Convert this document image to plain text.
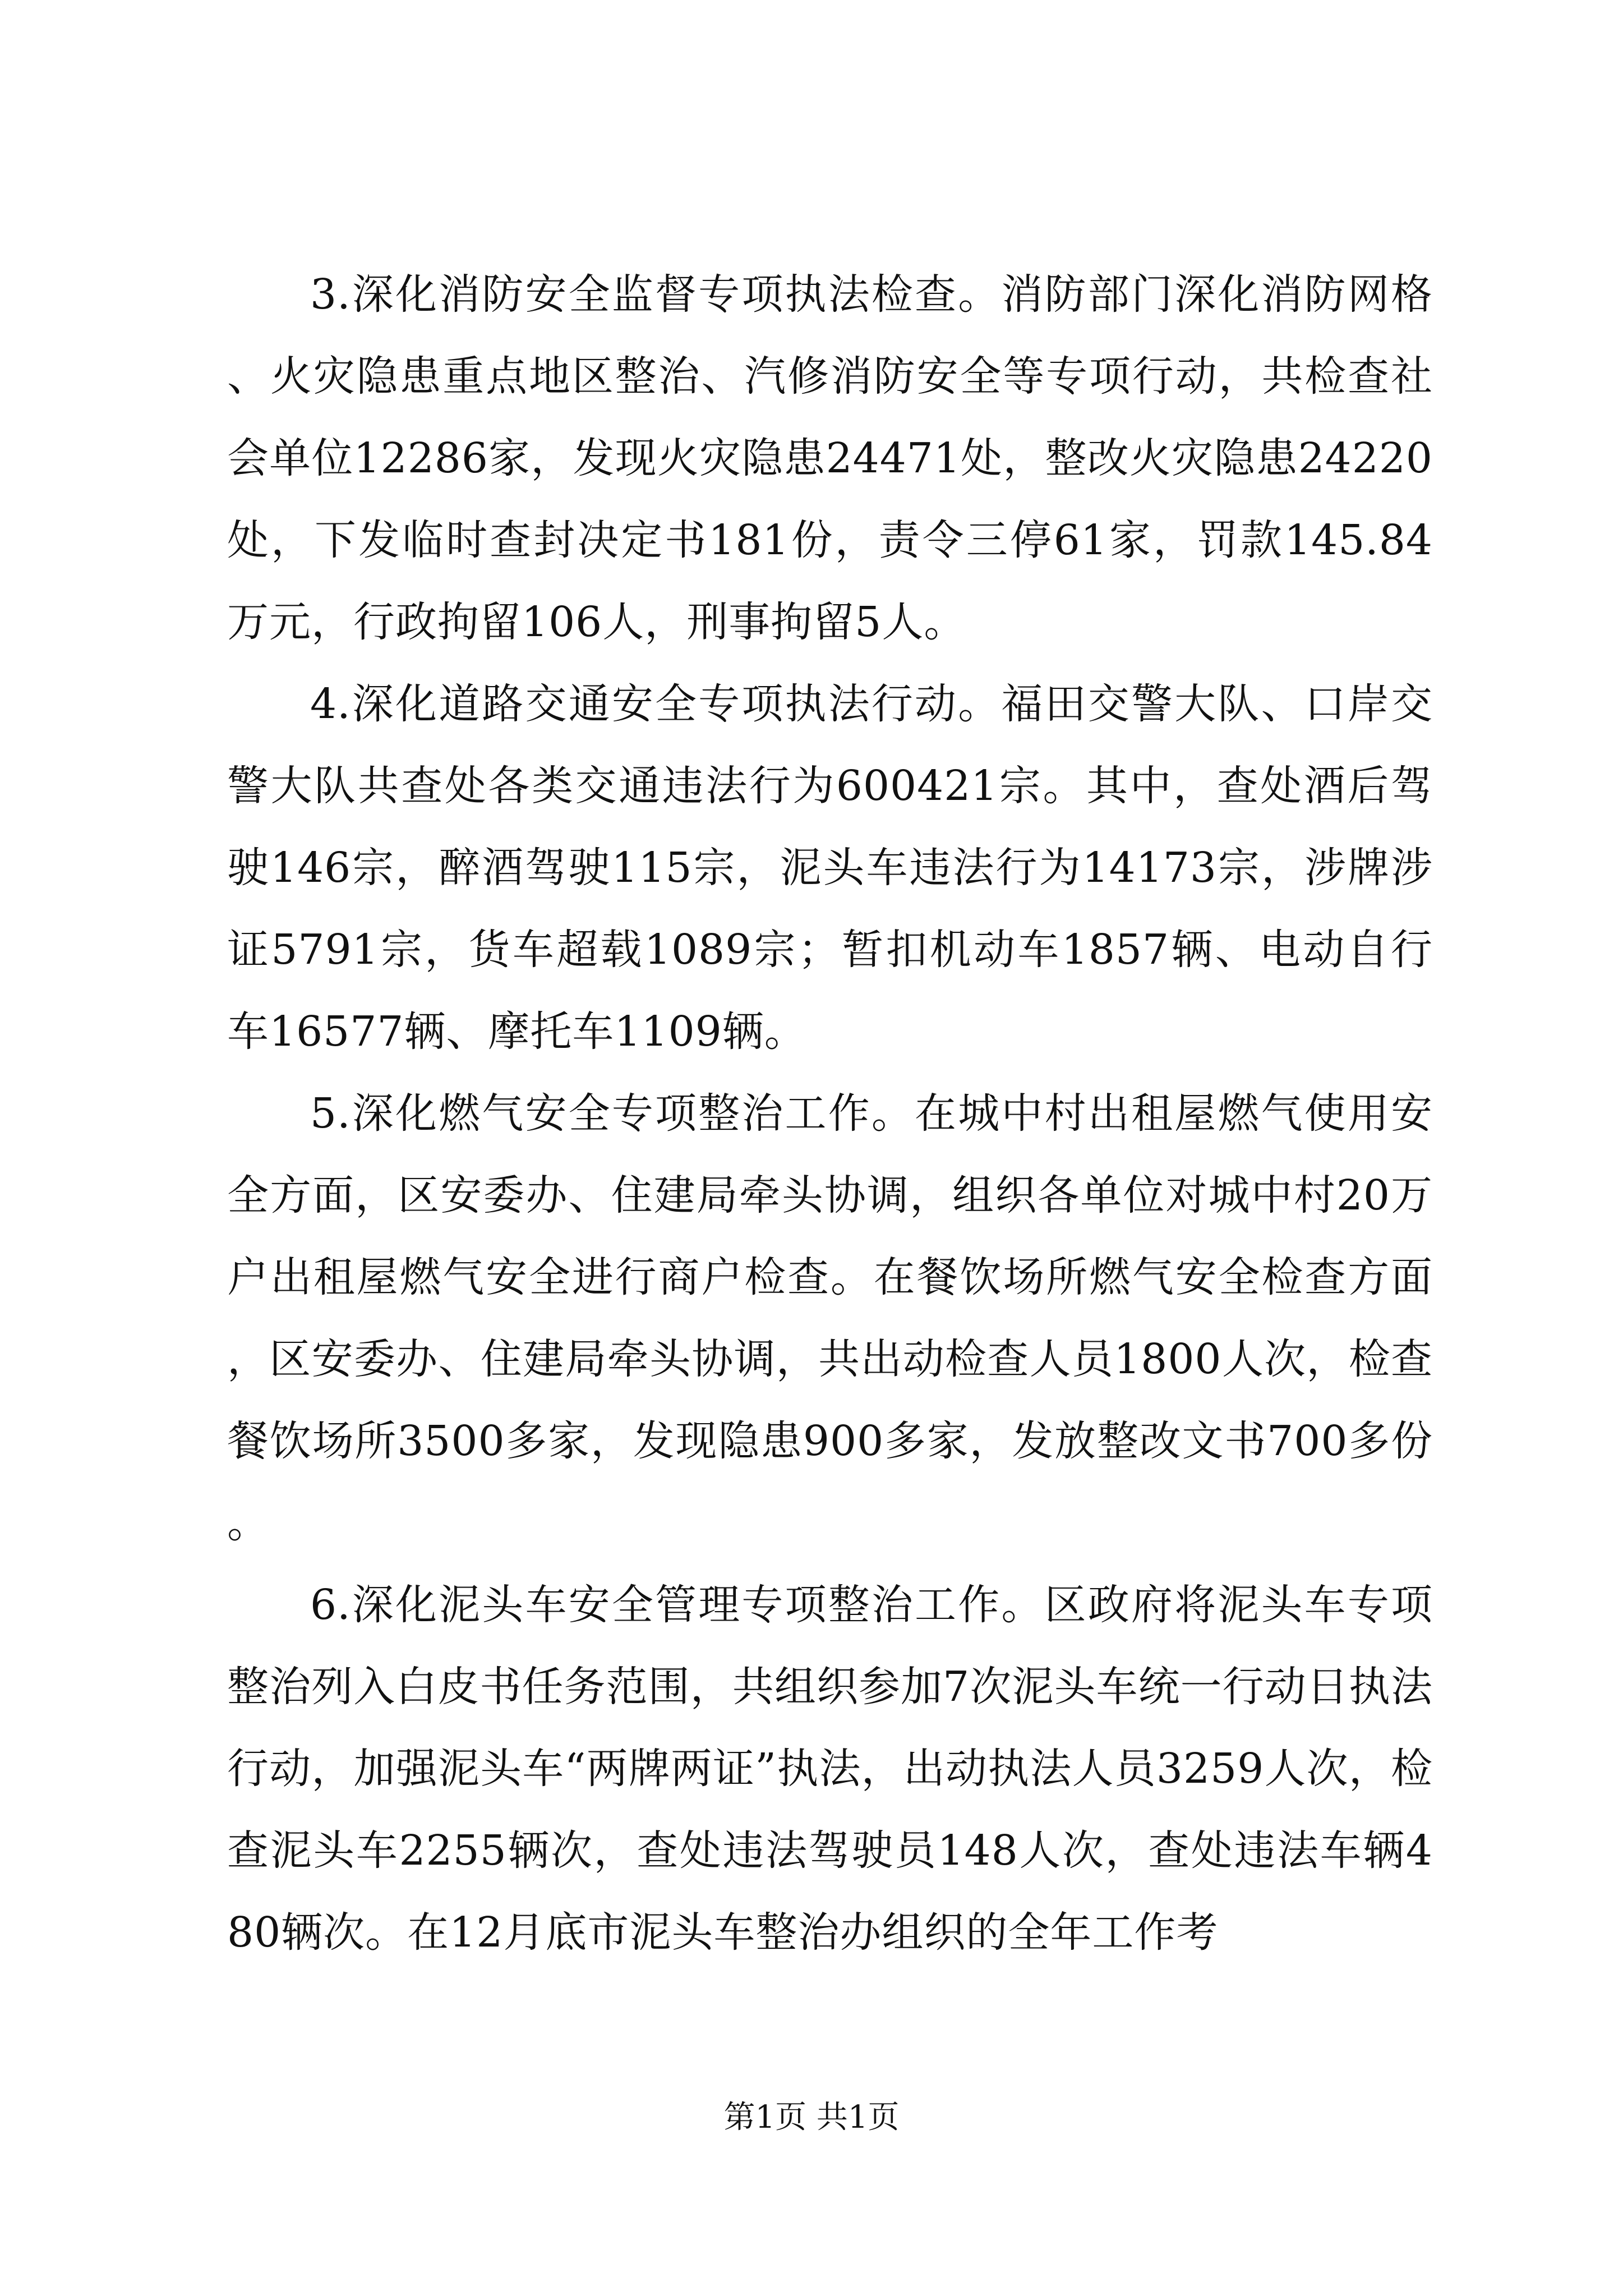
3.深化消防安全监督专项执法检查。消防部门深化消防网格、火灾隐患重点地区整治、汽修消防安全等专项行动，共检查社会单位12286家，发现火灾隐患24471处，整改火灾隐患24220处，下发临时查封决定书181份，责令三停61家，罚款145.84万元，行政拘留106人，刑事拘留5人。

4.深化道路交通安全专项执法行动。福田交警大队、口岸交警大队共查处各类交通违法行为600421宗。其中，查处酒后驾驶146宗，醉酒驾驶115宗，泥头车违法行为14173宗，涉牌涉证5791宗，货车超载1089宗；暂扣机动车1857辆、电动自行车16577辆、摩托车1109辆。

5.深化燃气安全专项整治工作。在城中村出租屋燃气使用安全方面，区安委办、住建局牵头协调，组织各单位对城中村20万户出租屋燃气安全进行商户检查。在餐饮场所燃气安全检查方面，区安委办、住建局牵头协调，共出动检查人员1800人次，检查餐饮场所3500多家，发现隐患900多家，发放整改文书700多份。

6.深化泥头车安全管理专项整治工作。区政府将泥头车专项整治列入白皮书任务范围，共组织参加7次泥头车统一行动日执法行动，加强泥头车“两牌两证”执法，出动执法人员3259人次，检查泥头车2255辆次，查处违法驾驶员148人次，查处违法车辆480辆次。在12月底市泥头车整治办组织的全年工作考

第1页 共1页
